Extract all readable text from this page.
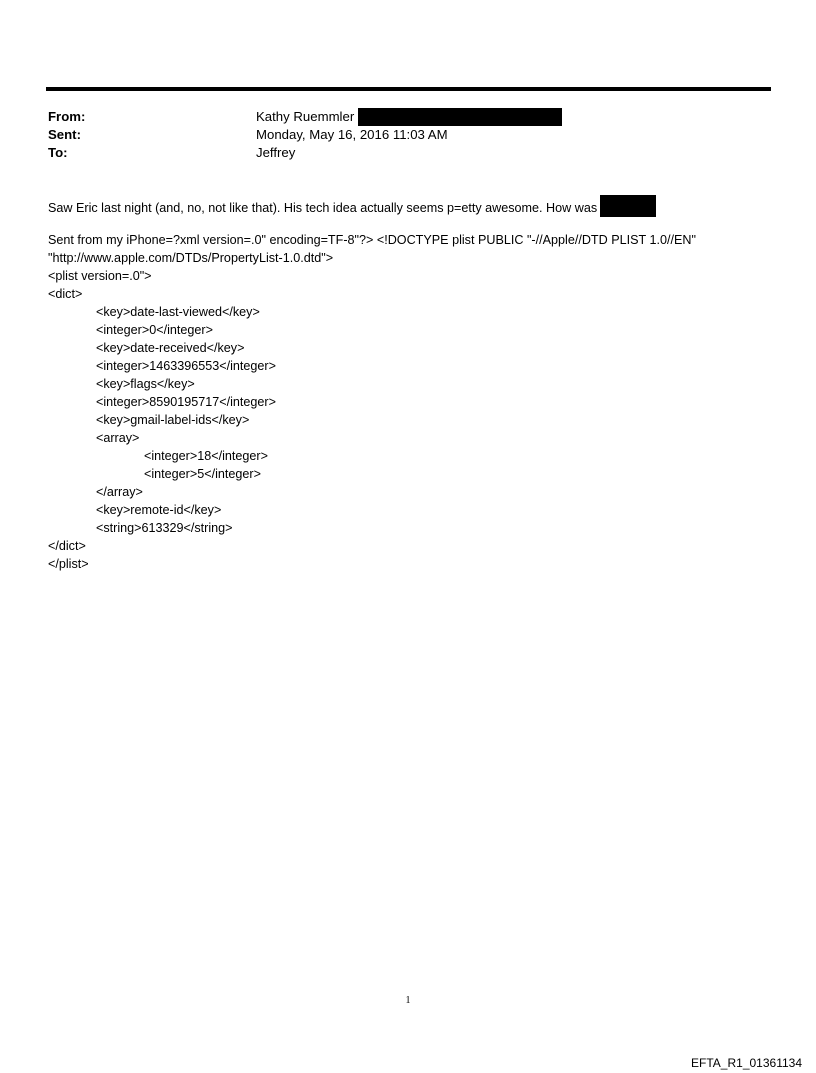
From:	Kathy Ruemmler
Sent:	Monday, May 16, 2016 11:03 AM
To:	Jeffrey
Saw Eric last night (and, no, not like that). His tech idea actually seems p=etty awesome. How was
Sent from my iPhone=?xml version=.0" encoding=TF-8"?> <!DOCTYPE plist PUBLIC "-//Apple//DTD PLIST 1.0//EN"
"http://www.apple.com/DTDs/PropertyList-1.0.dtd">
<plist version=.0">
<dict>
<key>date-last-viewed</key>
<integer>0</integer>
<key>date-received</key>
<integer>1463396553</integer>
<key>flags</key>
<integer>8590195717</integer>
<key>gmail-label-ids</key>
<array>
<integer>18</integer>
<integer>5</integer>
</array>
<key>remote-id</key>
<string>613329</string>
</dict>
</plist>
1
EFTA_R1_01361134
